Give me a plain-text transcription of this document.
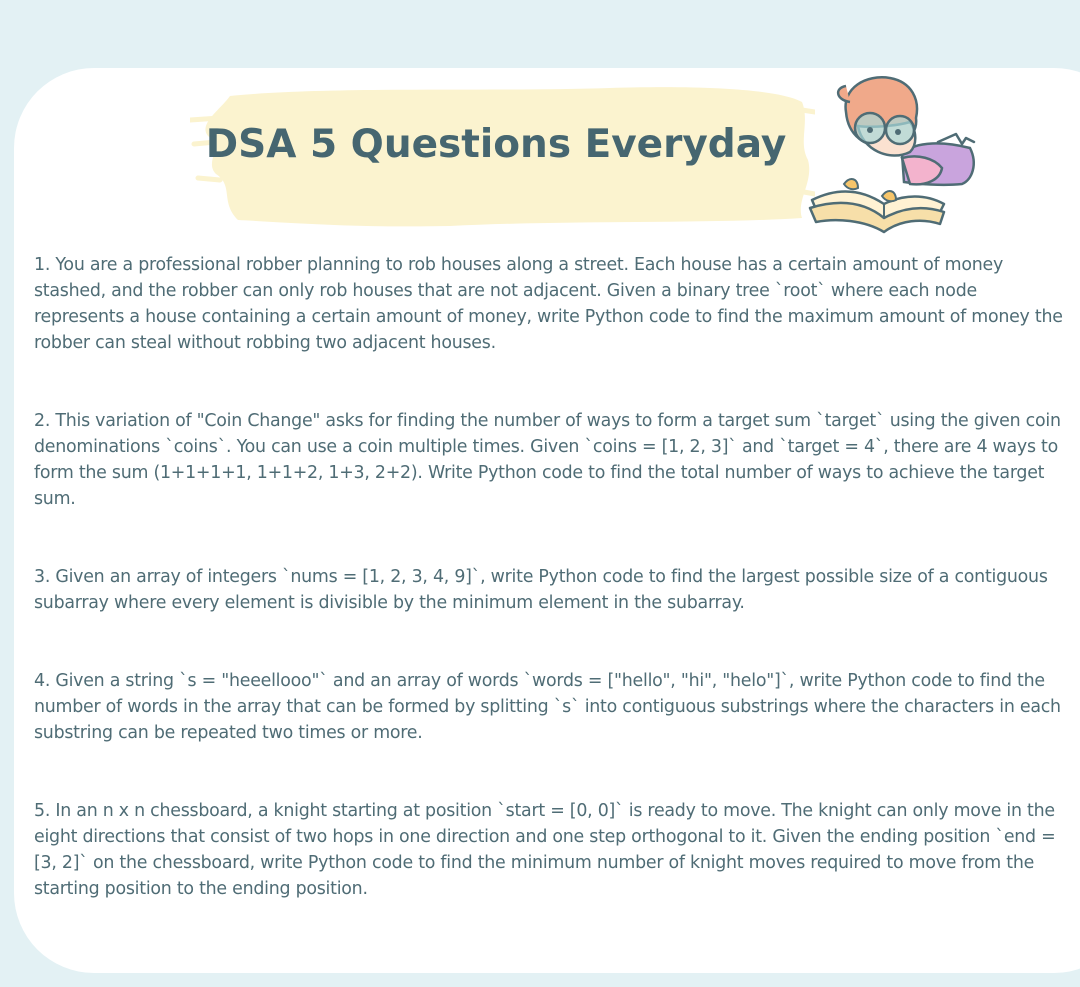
DSA 5 Questions Everyday

1. You are a professional robber planning to rob houses along a street. Each house has a certain amount of money stashed, and the robber can only rob houses that are not adjacent. Given a binary tree `root` where each node represents a house containing a certain amount of money, write Python code to find the maximum amount of money the robber can steal without robbing two adjacent houses.

2. This variation of "Coin Change" asks for finding the number of ways to form a target sum `target` using the given coin denominations `coins`. You can use a coin multiple times. Given `coins = [1, 2, 3]` and `target = 4`, there are 4 ways to form the sum (1+1+1+1, 1+1+2, 1+3, 2+2). Write Python code to find the total number of ways to achieve the target sum.

3. Given an array of integers `nums = [1, 2, 3, 4, 9]`, write Python code to find the largest possible size of a contiguous subarray where every element is divisible by the minimum element in the subarray.

4. Given a string `s = "heeellooo"` and an array of words `words = ["hello", "hi", "helo"]`, write Python code to find the number of words in the array that can be formed by splitting `s` into contiguous substrings where the characters in each substring can be repeated two times or more.

5. In an n x n chessboard, a knight starting at position `start = [0, 0]` is ready to move. The knight can only move in the eight directions that consist of two hops in one direction and one step orthogonal to it. Given the ending position `end = [3, 2]` on the chessboard, write Python code to find the minimum number of knight moves required to move from the starting position to the ending position.
